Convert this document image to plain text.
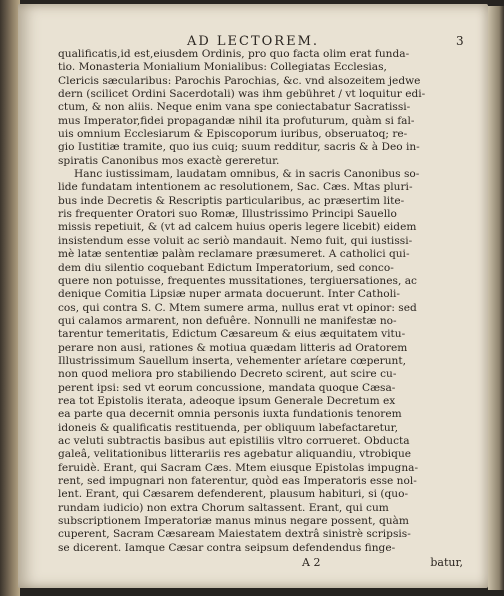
AD LECTOREM.	3
qualificatis,id est,eiusdem Ordinis, pro quo facta olim erat funda-
tio. Monasteria Monialium Monialibus: Collegiatas Ecclesias,
Clericis sæcularibus: Parochis Parochias, &c. vnd alsozeitem jedwe
dern (scilicet Ordini Sacerdotali) was ihm gebühret / vt loquitur edi-
ctum, & non aliis. Neque enim vana spe coniectabatur Sacratissi-
mus Imperator,fidei propagandæ nihil ita profuturum, quàm si fal-
uis omnium Ecclesiarum & Episcoporum iuribus, obseruatoq; re-
gio Iustitiæ tramite, quo ius cuiq; suum redditur, sacris & à Deo in-
spiratis Canonibus mos exactè gereretur.
Hanc iustissimam, laudatam omnibus, & in sacris Canonibus so-
lide fundatam intentionem ac resolutionem, Sac. Cæs. Mtas pluri-
bus inde Decretis & Rescriptis particularibus, ac præsertim lite-
ris frequenter Oratori suo Romæ, Illustrissimo Principi Sauello
missis repetiuit, & (vt ad calcem huius operis legere licebit) eidem
insistendum esse voluit ac seriò mandauit. Nemo fuit, qui iustissi-
mè latæ sententiæ palàm reclamare præsumeret. A catholici qui-
dem diu silentio coquebant Edictum Imperatorium, sed conco-
quere non potuisse, frequentes mussitationes, tergiuersationes, ac
denique Comitia Lipsiæ nuper armata docuerunt. Inter Catholi-
cos, qui contra S. C. Mtem sumere arma, nullus erat vt opinor: sed
qui calamos armarent, non defuêre. Nonnulli ne manifestæ no-
tarentur temeritatis, Edictum Cæsareum & eius æquitatem vitu-
perare non ausi, rationes & motiua quædam litteris ad Oratorem
Illustrissimum Sauellum inserta, vehementer aríetare cœperunt,
non quod meliora pro stabiliendo Decreto scirent, aut scire cu-
perent ipsi: sed vt eorum concussione, mandata quoque Cæsa-
rea tot Epistolis iterata, adeoque ipsum Generale Decretum ex
ea parte qua decernit omnia personis iuxta fundationis tenorem
idoneis & qualificatis restituenda, per obliquum labefactaretur,
ac veluti subtractis basibus aut epistiliis vltro corrueret. Obducta
galeâ, velitationibus litterariis res agebatur aliquandiu, vtrobique
feruidè. Erant, qui Sacram Cæs. Mtem eiusque Epistolas impugna-
rent, sed impugnari non faterentur, quòd eas Imperatoris esse nol-
lent. Erant, qui Cæsarem defenderent, plausum habituri, si (quo-
rundam iudicio) non extra Chorum saltassent. Erant, qui cum
subscriptionem Imperatoriæ manus minus negare possent, quàm
cuperent, Sacram Cæsaream Maiestatem dextrâ sinistrè scripsis-
se dicerent. Iamque Cæsar contra seipsum defendendus finge-
A 2	batur,
